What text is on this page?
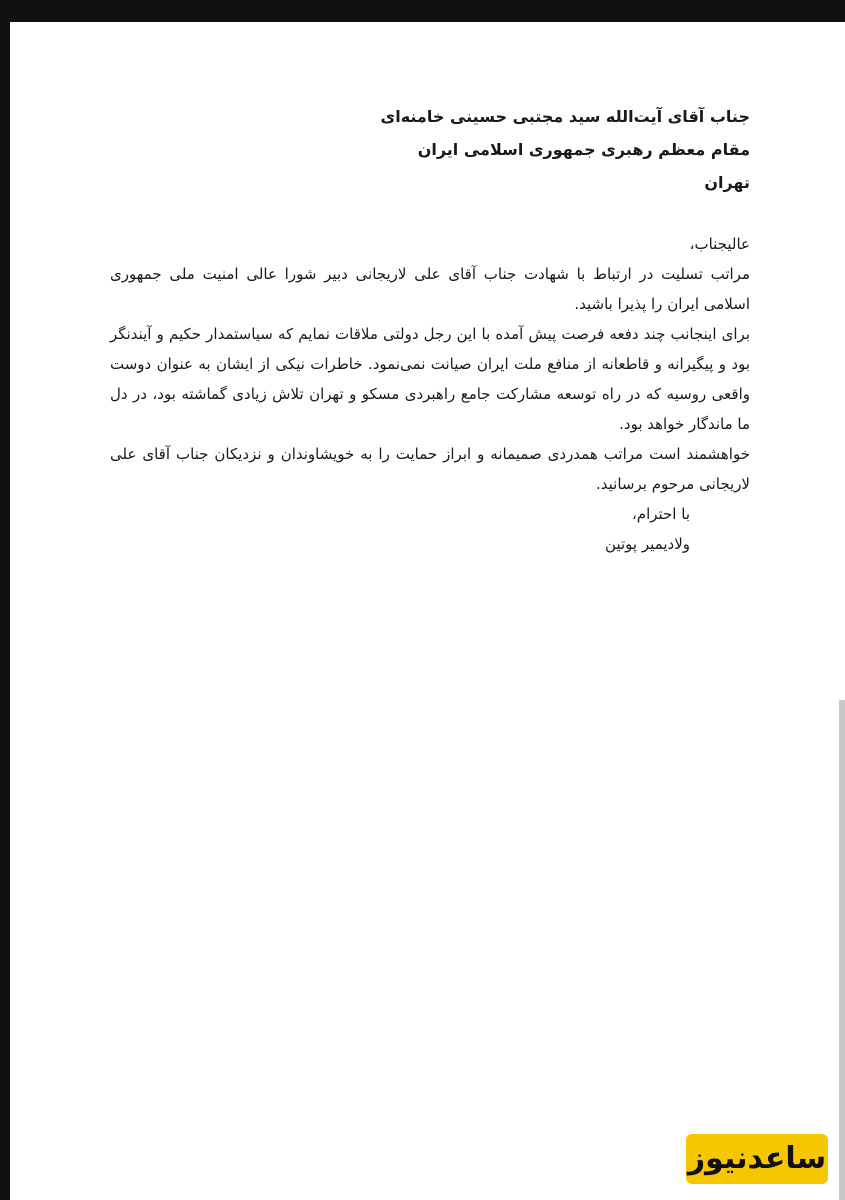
جناب آقای آیت‌الله سید مجتبی حسینی خامنه‌ای
مقام معظم رهبری جمهوری اسلامی ایران
تهران

عالیجناب،

مراتب تسلیت در ارتباط با شهادت جناب آقای علی لاریجانی دبیر شورا عالی امنیت ملی جمهوری اسلامی ایران را پذیرا باشید.

برای اینجانب چند دفعه فرصت پیش آمده با این رجل دولتی ملاقات نمایم که سیاستمدار حکیم و آیندنگر بود و پیگیرانه و قاطعانه از منافع ملت ایران صیانت نمی‌نمود. خاطرات نیکی از ایشان به عنوان دوست واقعی روسیه که در راه توسعه مشارکت جامع راهبردی مسکو و تهران تلاش زیادی گماشته بود، در دل ما ماندگار خواهد بود.

خواهشمند است مراتب همدردی صمیمانه و ابراز حمایت را به خویشاوندان و نزدیکان جناب آقای علی لاریجانی مرحوم برسانید.

با احترام،
ولادیمیر پوتین
ساعدنیوز
